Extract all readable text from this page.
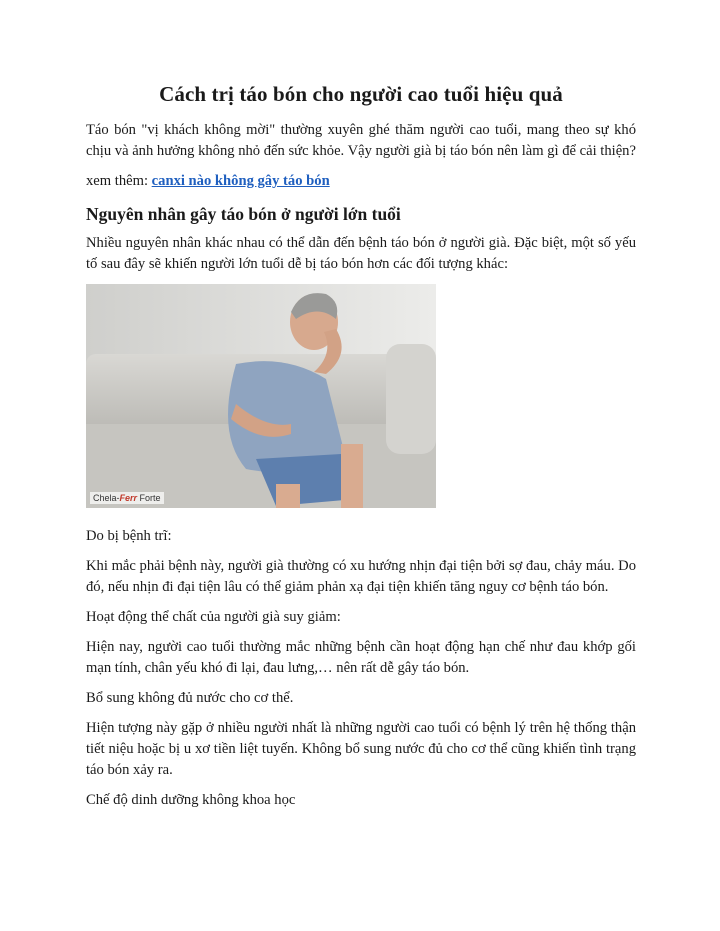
Cách trị táo bón cho người cao tuổi hiệu quả

Táo bón "vị khách không mời" thường xuyên ghé thăm người cao tuổi, mang theo sự khó chịu và ảnh hưởng không nhỏ đến sức khỏe. Vậy người già bị táo bón nên làm gì để cải thiện?

xem thêm: canxi nào không gây táo bón

Nguyên nhân gây táo bón ở người lớn tuổi

Nhiều nguyên nhân khác nhau có thể dẫn đến bệnh táo bón ở người già. Đặc biệt, một số yếu tố sau đây sẽ khiến người lớn tuổi dễ bị táo bón hơn các đối tượng khác:

Chela-Ferr Forte

Do bị bệnh trĩ:

Khi mắc phải bệnh này, người già thường có xu hướng nhịn đại tiện bởi sợ đau, chảy máu. Do đó, nếu nhịn đi đại tiện lâu có thể giảm phản xạ đại tiện khiến tăng nguy cơ bệnh táo bón.

Hoạt động thể chất của người già suy giảm:

Hiện nay, người cao tuổi thường mắc những bệnh cần hoạt động hạn chế như đau khớp gối mạn tính, chân yếu khó đi lại, đau lưng,… nên rất dễ gây táo bón.

Bổ sung không đủ nước cho cơ thể.

Hiện tượng này gặp ở nhiều người nhất là những người cao tuổi có bệnh lý trên hệ thống thận tiết niệu hoặc bị u xơ tiền liệt tuyến. Không bổ sung nước đủ cho cơ thể cũng khiến tình trạng táo bón xảy ra.

Chế độ dinh dưỡng không khoa học
